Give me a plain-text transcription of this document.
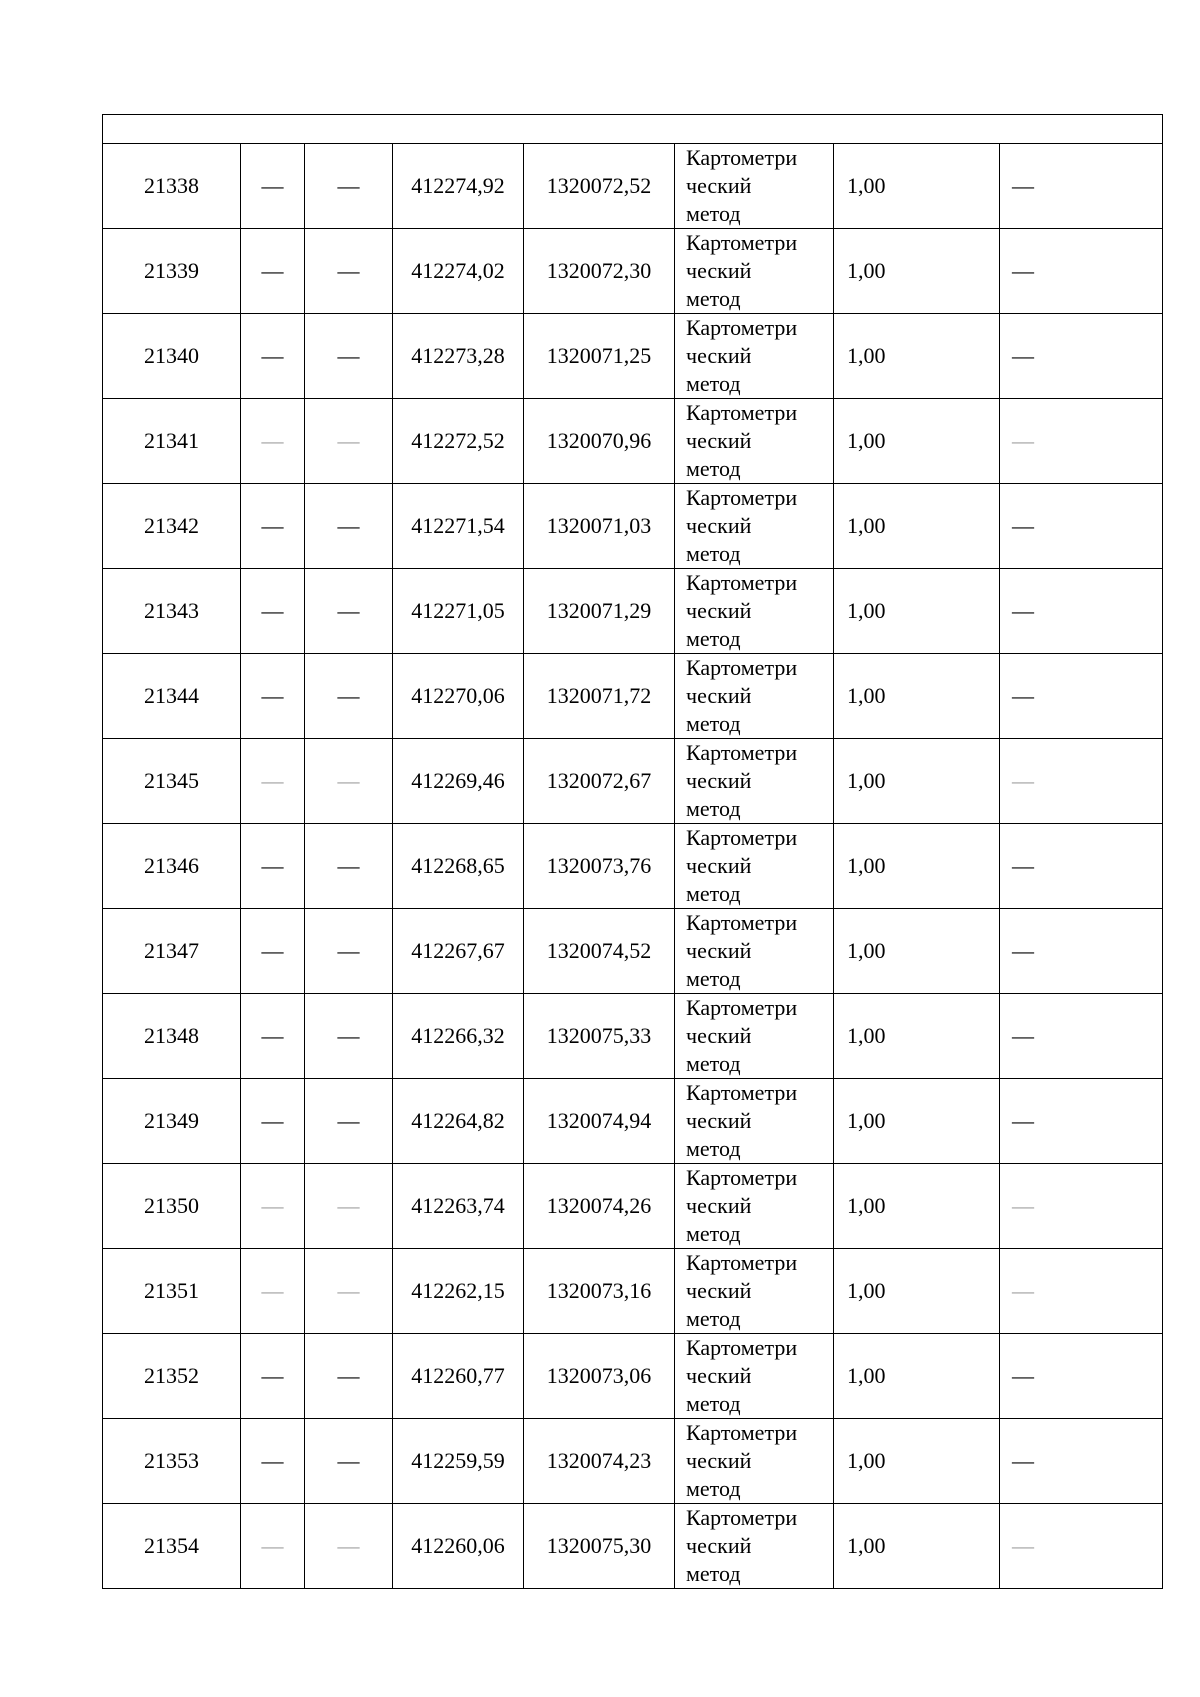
21338	—	—	412274,92	1320072,52	Картометри
ческий
метод	1,00	—
21339	—	—	412274,02	1320072,30	Картометри
ческий
метод	1,00	—
21340	—	—	412273,28	1320071,25	Картометри
ческий
метод	1,00	—
21341	—	—	412272,52	1320070,96	Картометри
ческий
метод	1,00	—
21342	—	—	412271,54	1320071,03	Картометри
ческий
метод	1,00	—
21343	—	—	412271,05	1320071,29	Картометри
ческий
метод	1,00	—
21344	—	—	412270,06	1320071,72	Картометри
ческий
метод	1,00	—
21345	—	—	412269,46	1320072,67	Картометри
ческий
метод	1,00	—
21346	—	—	412268,65	1320073,76	Картометри
ческий
метод	1,00	—
21347	—	—	412267,67	1320074,52	Картометри
ческий
метод	1,00	—
21348	—	—	412266,32	1320075,33	Картометри
ческий
метод	1,00	—
21349	—	—	412264,82	1320074,94	Картометри
ческий
метод	1,00	—
21350	—	—	412263,74	1320074,26	Картометри
ческий
метод	1,00	—
21351	—	—	412262,15	1320073,16	Картометри
ческий
метод	1,00	—
21352	—	—	412260,77	1320073,06	Картометри
ческий
метод	1,00	—
21353	—	—	412259,59	1320074,23	Картометри
ческий
метод	1,00	—
21354	—	—	412260,06	1320075,30	Картометри
ческий
метод	1,00	—
